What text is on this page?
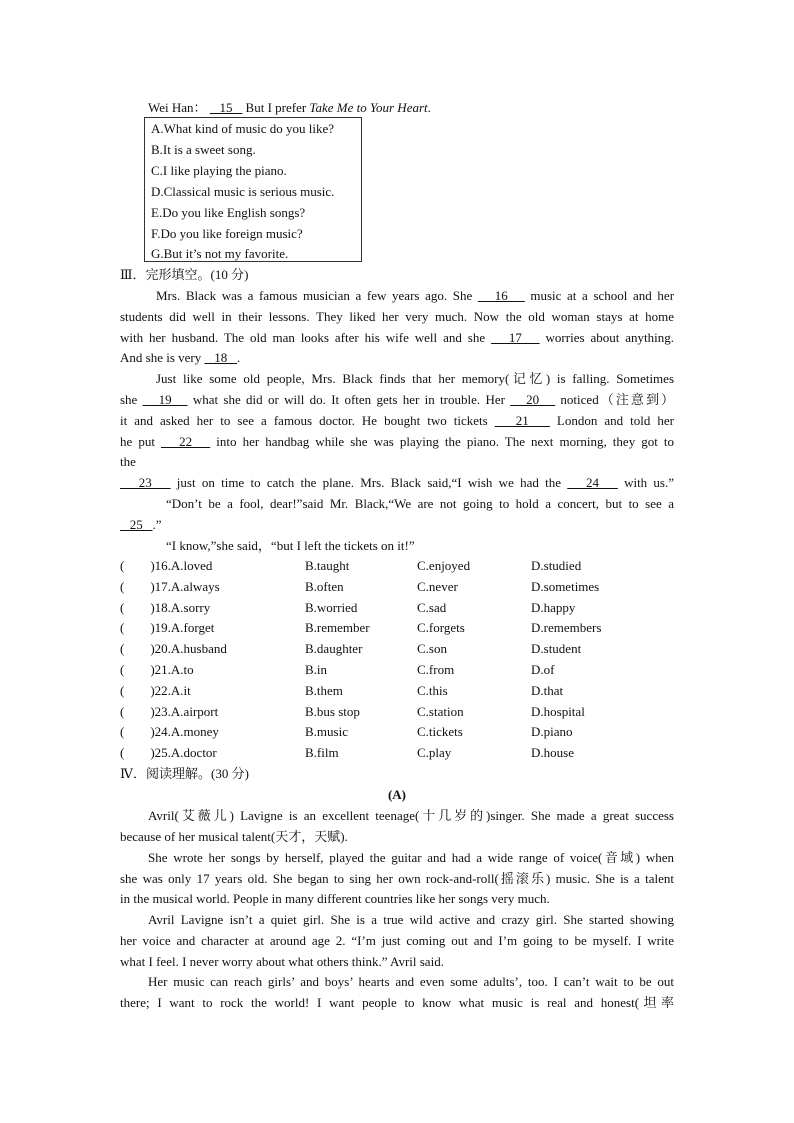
Wei Han： 15    But I prefer Take Me to Your Heart.
A.What kind of music do you like?
B.It is a sweet song.
C.I like playing the piano.
D.Classical music is serious music.
E.Do you like English songs?
F.Do you like foreign music?
G.But it’s not my favorite.
Ⅲ．完形填空。(10 分)
Mrs. Black was a famous musician a few years ago. She    16    music at a school and her
students did well in their lessons. They liked her very much. Now the old woman stays at home
with her husband. The old man looks after his wife well and she    17    worries about anything.
And she is very    18   .
Just like some old people, Mrs. Black finds that her memory(记忆) is falling. Sometimes
she    19    what she did or will do. It often gets her in trouble. Her    20    noticed（注意到）
it and asked her to see a famous doctor. He bought two tickets    21    London and told her
he put    22    into her handbag while she was playing the piano. The next morning, they got to
the
23    just on time to catch the plane. Mrs. Black said,“I wish we had the    24    with us.”
“Don’t be a fool, dear!”said Mr. Black,“We are not going to hold a concert, but to see a
25   .”
“I know,”she said，“but I left the tickets on it!”
(　　)16.A.loved	B.taught	C.enjoyed	D.studied
(　　)17.A.always	B.often	C.never	D.sometimes
(　　)18.A.sorry	B.worried	C.sad	D.happy
(　　)19.A.forget	B.remember	C.forgets	D.remembers
(　　)20.A.husband	B.daughter	C.son	D.student
(　　)21.A.to	B.in	C.from	D.of
(　　)22.A.it	B.them	C.this	D.that
(　　)23.A.airport	B.bus stop	C.station	D.hospital
(　　)24.A.money	B.music	C.tickets	D.piano
(　　)25.A.doctor	B.film	C.play	D.house
Ⅳ．阅读理解。(30 分)
(A)
Avril(艾薇儿) Lavigne is an excellent teenage(十几岁的)singer. She made a great success
because of her musical talent(天才，天赋).
She wrote her songs by herself, played the guitar and had a wide range of voice(音域) when
she was only 17 years old. She began to sing her own rock-and-roll(摇滚乐) music. She is a talent
in the musical world. People in many different countries like her songs very much.
Avril Lavigne isn’t a quiet girl. She is a true wild active and crazy girl. She started showing
her voice and character at around age 2. “I’m just coming out and I’m going to be myself. I write
what I feel. I never worry about what others think.” Avril said.
Her music can reach girls’ and boys’ hearts and even some adults’, too. I can’t wait to be out
there; I want to rock the world! I want people to know what music is real and honest(坦率
